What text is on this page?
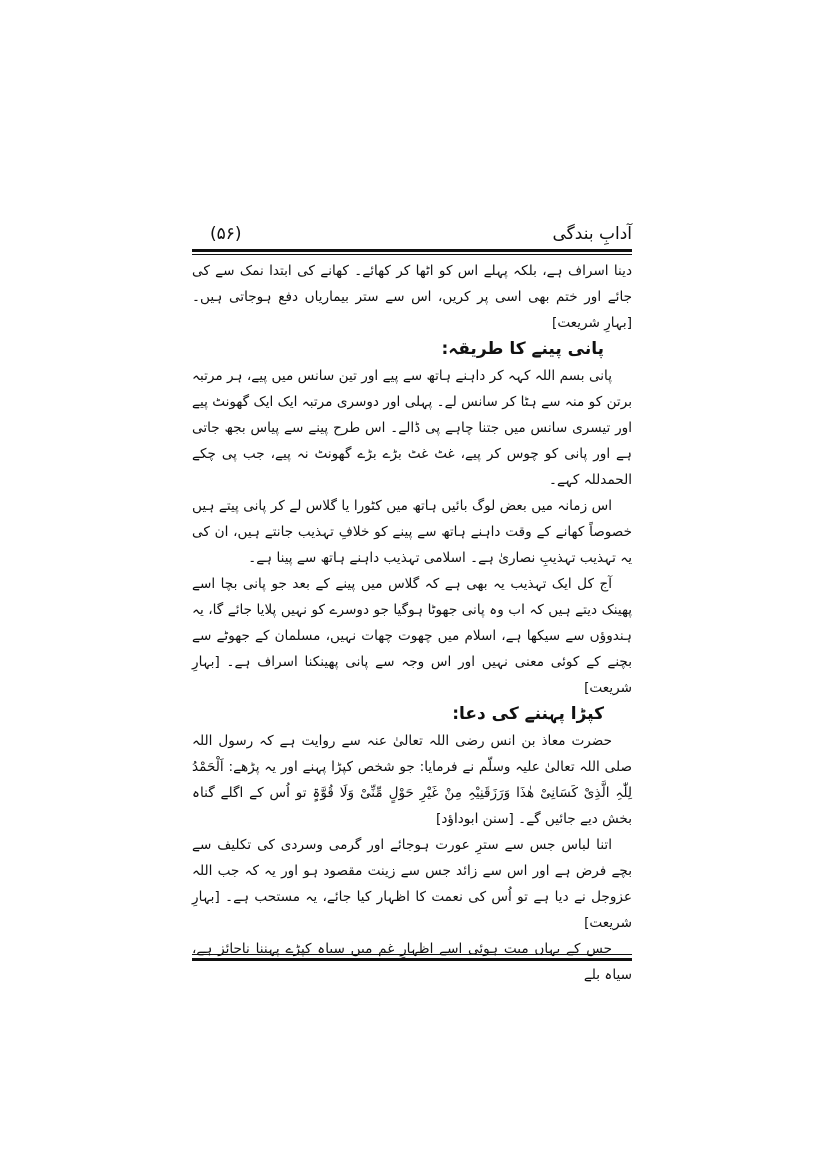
آدابِ بندگی
(۵۶)

دینا اسراف ہے، بلکہ پہلے اس کو اٹھا کر کھائے۔ کھانے کی ابتدا نمک سے کی جائے اور ختم بھی اسی پر کریں، اس سے ستر بیماریاں دفع ہوجاتی ہیں۔ [بہارِ شریعت]

پانی پینے کا طریقہ:

پانی بسم اللہ کہہ کر داہنے ہاتھ سے پیے اور تین سانس میں پیے، ہر مرتبہ برتن کو منہ سے ہٹا کر سانس لے۔ پہلی اور دوسری مرتبہ ایک ایک گھونٹ پیے اور تیسری سانس میں جتنا چاہے پی ڈالے۔ اس طرح پینے سے پیاس بجھ جاتی ہے اور پانی کو چوس کر پیے، غٹ غٹ بڑے بڑے گھونٹ نہ پیے، جب پی چکے الحمدللہ کہے۔

اس زمانہ میں بعض لوگ بائیں ہاتھ میں کٹورا یا گلاس لے کر پانی پیتے ہیں خصوصاً کھانے کے وقت داہنے ہاتھ سے پینے کو خلافِ تہذیب جانتے ہیں، ان کی یہ تہذیب تہذیبِ نصاریٰ ہے۔ اسلامی تہذیب داہنے ہاتھ سے پینا ہے۔

آج کل ایک تہذیب یہ بھی ہے کہ گلاس میں پینے کے بعد جو پانی بچا اسے پھینک دیتے ہیں کہ اب وہ پانی جھوٹا ہوگیا جو دوسرے کو نہیں پلایا جائے گا، یہ ہندوؤں سے سیکھا ہے، اسلام میں چھوت چھات نہیں، مسلمان کے جھوٹے سے بچنے کے کوئی معنی نہیں اور اس وجہ سے پانی پھینکنا اسراف ہے۔ [بہارِ شریعت]

کپڑا پہننے کی دعا:

حضرت معاذ بن انس رضی اللہ تعالیٰ عنہ سے روایت ہے کہ رسول اللہ صلی اللہ تعالیٰ علیہ وسلّم نے فرمایا: جو شخص کپڑا پہنے اور یہ پڑھے: اَلْحَمْدُ لِلّٰہِ الَّذِیْ کَسَانِیْ ھٰذَا وَرَزَقَنِیْہِ مِنْ غَیْرِ حَوْلٍ مِّنِّیْ وَلَا قُوَّۃٍ تو اُس کے اگلے گناہ بخش دیے جائیں گے۔ [سنن ابوداؤد]

اتنا لباس جس سے سترِ عورت ہوجائے اور گرمی وسردی کی تکلیف سے بچے فرض ہے اور اس سے زائد جس سے زینت مقصود ہو اور یہ کہ جب اللہ عزوجل نے دیا ہے تو اُس کی نعمت کا اظہار کیا جائے، یہ مستحب ہے۔ [بہارِ شریعت]

جس کے یہاں میت ہوئی اسے اظہارِ غم میں سیاہ کپڑے پہننا ناجائز ہے، سیاہ بلے
